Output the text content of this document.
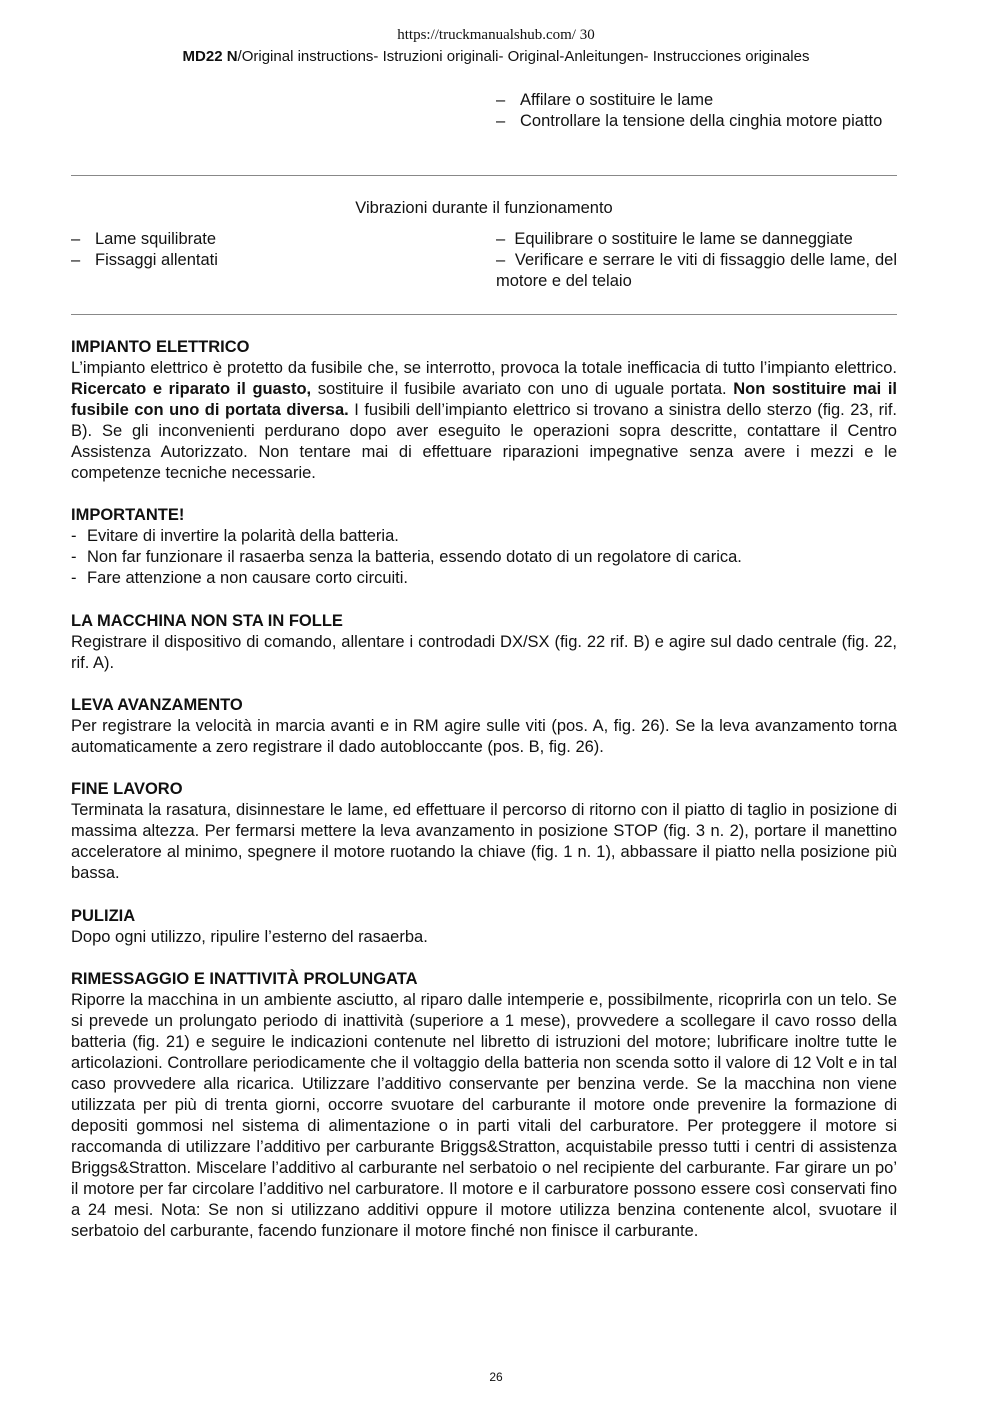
https://truckmanualshub.com/ 30
MD22 N/Original instructions- Istruzioni originali- Original-Anleitungen- Instrucciones originales
– Affilare o sostituire le lame
– Controllare la tensione della cinghia motore piatto
Vibrazioni durante il funzionamento
– Lame squilibrate
– Fissaggi allentati
– Equilibrare o sostituire le lame se danneggiate
– Verificare e serrare le viti di fissaggio delle lame, del motore e del telaio
IMPIANTO ELETTRICO

L’impianto elettrico è protetto da fusibile che, se interrotto, provoca la totale inefficacia di tutto l’impianto elettrico. Ricercato e riparato il guasto, sostituire il fusibile avariato con uno di uguale portata. Non sostituire mai il fusibile con uno di portata diversa. I fusibili dell’impianto elettrico si trovano a sinistra dello sterzo (fig. 23, rif. B). Se gli inconvenienti perdurano dopo aver eseguito le operazioni sopra descritte, contattare il Centro Assistenza Autorizzato. Non tentare mai di effettuare riparazioni impegnative senza avere i mezzi e le competenze tecniche necessarie.

IMPORTANTE!
- Evitare di invertire la polarità della batteria.
- Non far funzionare il rasaerba senza la batteria, essendo dotato di un regolatore di carica.
- Fare attenzione a non causare corto circuiti.
LA MACCHINA NON STA IN FOLLE

Registrare il dispositivo di comando, allentare i controdadi DX/SX (fig. 22 rif. B) e agire sul dado centrale (fig. 22, rif. A).

LEVA AVANZAMENTO

Per registrare la velocità in marcia avanti e in RM agire sulle viti (pos. A, fig. 26). Se la leva avanzamento torna automaticamente a zero registrare il dado autobloccante (pos. B, fig. 26).

FINE LAVORO

Terminata la rasatura, disinnestare le lame, ed effettuare il percorso di ritorno con il piatto di taglio in posizione di massima altezza. Per fermarsi mettere la leva avanzamento in posizione STOP (fig. 3 n. 2), portare il manettino acceleratore al minimo, spegnere il motore ruotando la chiave (fig. 1 n. 1), abbassare il piatto nella posizione più bassa.

PULIZIA

Dopo ogni utilizzo, ripulire l’esterno del rasaerba.

RIMESSAGGIO E INATTIVITÀ PROLUNGATA

Riporre la macchina in un ambiente asciutto, al riparo dalle intemperie e, possibilmente, ricoprirla con un telo. Se si prevede un prolungato periodo di inattività (superiore a 1 mese), provvedere a scollegare il cavo rosso della batteria (fig. 21) e seguire le indicazioni contenute nel libretto di istruzioni del motore; lubrificare inoltre tutte le articolazioni. Controllare periodicamente che il voltaggio della batteria non scenda sotto il valore di 12 Volt e in tal caso provvedere alla ricarica. Utilizzare l’additivo conservante per benzina verde. Se la macchina non viene utilizzata per più di trenta giorni, occorre svuotare del carburante il motore onde prevenire la formazione di depositi gommosi nel sistema di alimentazione o in parti vitali del carburatore. Per proteggere il motore si raccomanda di utilizzare l’additivo per carburante Briggs&Stratton, acquistabile presso tutti i centri di assistenza Briggs&Stratton. Miscelare l’additivo al carburante nel serbatoio o nel recipiente del carburante. Far girare un po’ il motore per far circolare l’additivo nel carburatore. Il motore e il carburatore possono essere così conservati fino a 24 mesi. Nota: Se non si utilizzano additivi oppure il motore utilizza benzina contenente alcol, svuotare il serbatoio del carburante, facendo funzionare il motore finché non finisce il carburante.

26
